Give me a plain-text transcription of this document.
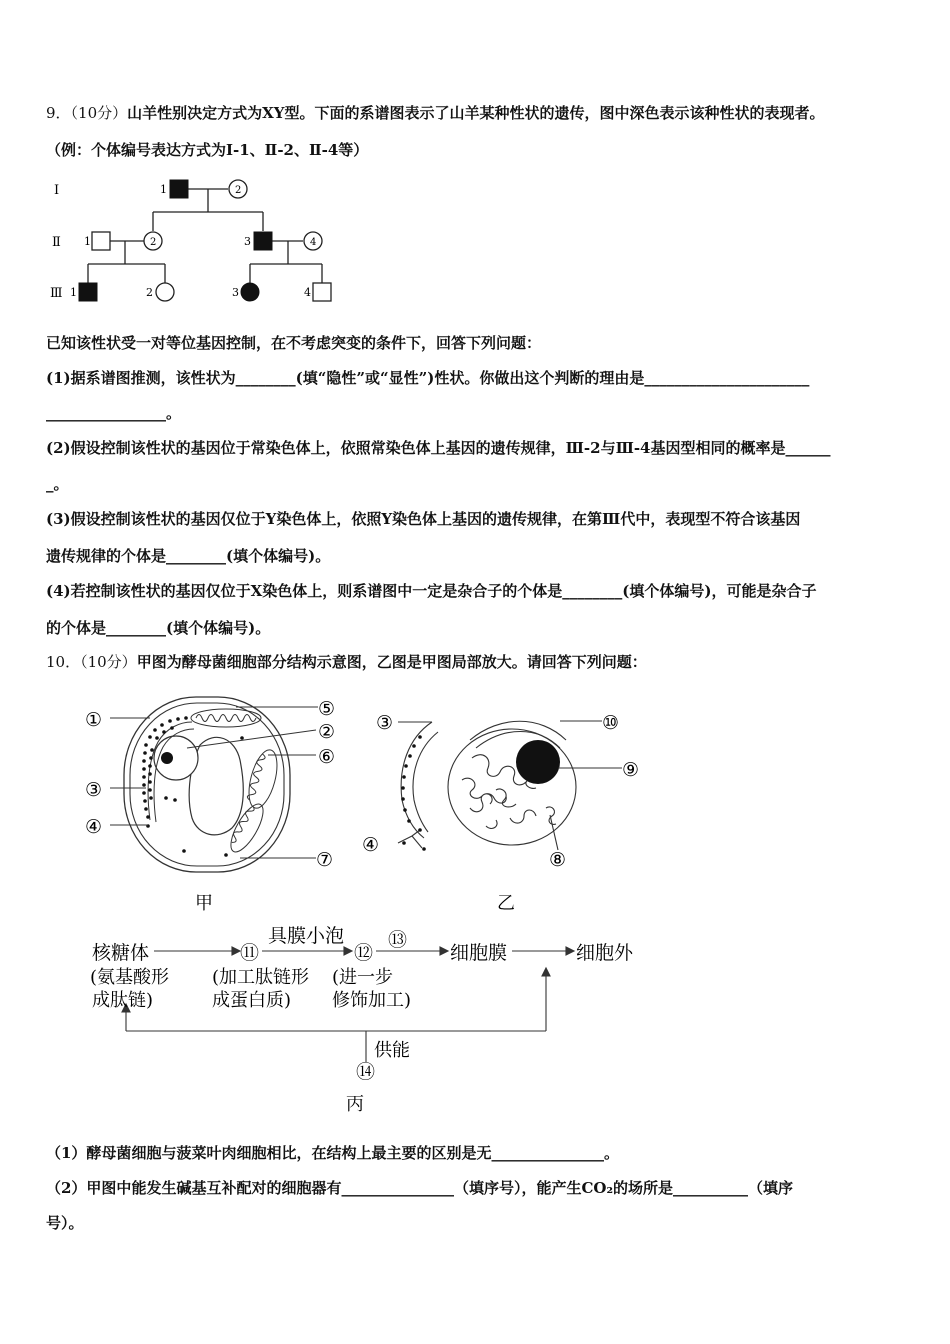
9．（10分）山羊性别决定方式为XY型。下面的系谱图表示了山羊某种性状的遗传，图中深色表示该种性状的表现者。
（例：个体编号表达方式为Ⅰ-1、Ⅱ-2、Ⅱ-4等）
Ⅰ
Ⅱ
Ⅲ
1	2
1	2	3	4
1	2	3	4
已知该性状受一对等位基因控制，在不考虑突变的条件下，回答下列问题：
(1)据系谱图推测，该性状为________(填“隐性”或“显性”)性状。你做出这个判断的理由是______________________
________________。
(2)假设控制该性状的基因位于常染色体上，依照常染色体上基因的遗传规律，Ⅲ-2与Ⅲ-4基因型相同的概率是______
_。
(3)假设控制该性状的基因仅位于Y染色体上，依照Y染色体上基因的遗传规律，在第Ⅲ代中，表现型不符合该基因
遗传规律的个体是________(填个体编号)。
(4)若控制该性状的基因仅位于X染色体上，则系谱图中一定是杂合子的个体是________(填个体编号)，可能是杂合子
的个体是________(填个体编号)。
10．（10分）甲图为酵母菌细胞部分结构示意图，乙图是甲图局部放大。请回答下列问题：
①	⑤
②
⑥
③
④
⑦
甲
③	⑩
⑨
④
⑧
乙
核糖体
(氨基酸形
成肽链)
⑪
(加工肽链形
成蛋白质)
具膜小泡
⑫
(进一步
修饰加工)
⑬
细胞膜	细胞外
供能
⑭
丙
（1）酵母菌细胞与菠菜叶肉细胞相比，在结构上最主要的区别是无_______________。
（2）甲图中能发生碱基互补配对的细胞器有_______________（填序号），能产生CO₂的场所是__________（填序
号）。
